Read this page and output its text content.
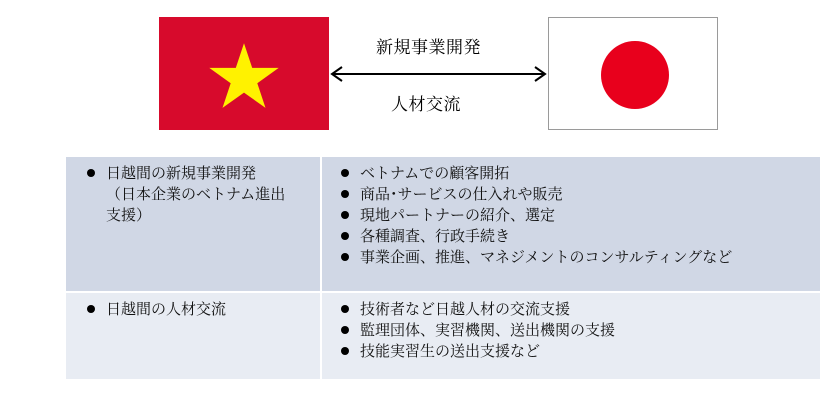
新規事業開発
人材交流
日越間の新規事業開発
（日本企業のベトナム進出
支援）
ベトナムでの顧客開拓
商品･サービスの仕入れや販売
現地パートナーの紹介、選定
各種調査、行政手続き
事業企画、推進、マネジメントのコンサルティングなど
日越間の人材交流	技術者など日越人材の交流支援
監理団体、実習機関、送出機関の支援
技能実習生の送出支援など
